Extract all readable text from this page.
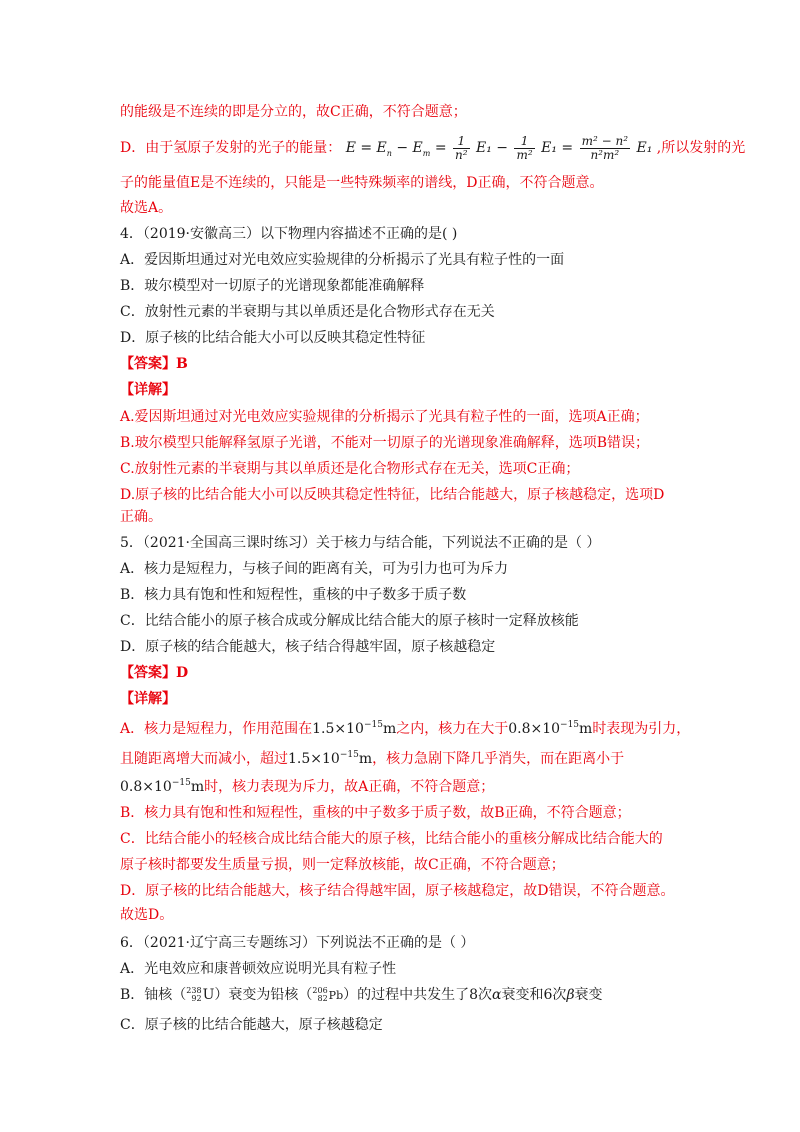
的能级是不连续的即是分立的，故C正确，不符合题意；
D．由于氢原子发射的光子的能量： $E = E_n - E_m = \frac{1}{\text{n²}} E_1 - \frac{1}{\text{m²}} E_1 = \frac{\text{m² − n²}}{\text{n²m²}} E_1$ ,所以发射的光
子的能量值E是不连续的，只能是一些特殊频率的谱线，D正确，不符合题意。
故选A。
4．（2019·安徽高三）以下物理内容描述不正确的是( )
A．爱因斯坦通过对光电效应实验规律的分析揭示了光具有粒子性的一面
B．玻尔模型对一切原子的光谱现象都能准确解释
C．放射性元素的半衰期与其以单质还是化合物形式存在无关
D．原子核的比结合能大小可以反映其稳定性特征
【答案】B
【详解】
A.爱因斯坦通过对光电效应实验规律的分析揭示了光具有粒子性的一面，选项A正确；
B.玻尔模型只能解释氢原子光谱，不能对一切原子的光谱现象准确解释，选项B错误；
C.放射性元素的半衰期与其以单质还是化合物形式存在无关，选项C正确；
D.原子核的比结合能大小可以反映其稳定性特征，比结合能越大，原子核越稳定，选项D
正确。
5．（2021·全国高三课时练习）关于核力与结合能，下列说法不正确的是（ ）
A．核力是短程力，与核子间的距离有关，可为引力也可为斥力
B．核力具有饱和性和短程性，重核的中子数多于质子数
C．比结合能小的原子核合成或分解成比结合能大的原子核时一定释放核能
D．原子核的结合能越大，核子结合得越牢固，原子核越稳定
【答案】D
【详解】
A．核力是短程力，作用范围在$1.5\times 10^{-15}m$之内，核力在大于$0.8\times 10^{-15}m$时表现为引力，
且随距离增大而减小，超过$1.5\times 10^{-15}m$，核力急剧下降几乎消失，而在距离小于
$0.8\times 10^{-15}m$时，核力表现为斥力，故A正确，不符合题意；
B．核力具有饱和性和短程性，重核的中子数多于质子数，故B正确，不符合题意；
C．比结合能小的轻核合成比结合能大的原子核，比结合能小的重核分解成比结合能大的
原子核时都要发生质量亏损，则一定释放核能，故C正确，不符合题意；
D．原子核的比结合能越大，核子结合得越牢固，原子核越稳定，故D错误，不符合题意。
故选D。
6．（2021·辽宁高三专题练习）下列说法不正确的是（ ）
A．光电效应和康普顿效应说明光具有粒子性
B．铀核（ 238
92 U）衰变为铅核（ 206
82 Pb）的过程中共发生了8次α衰变和6次β衰变
C．原子核的比结合能越大，原子核越稳定
